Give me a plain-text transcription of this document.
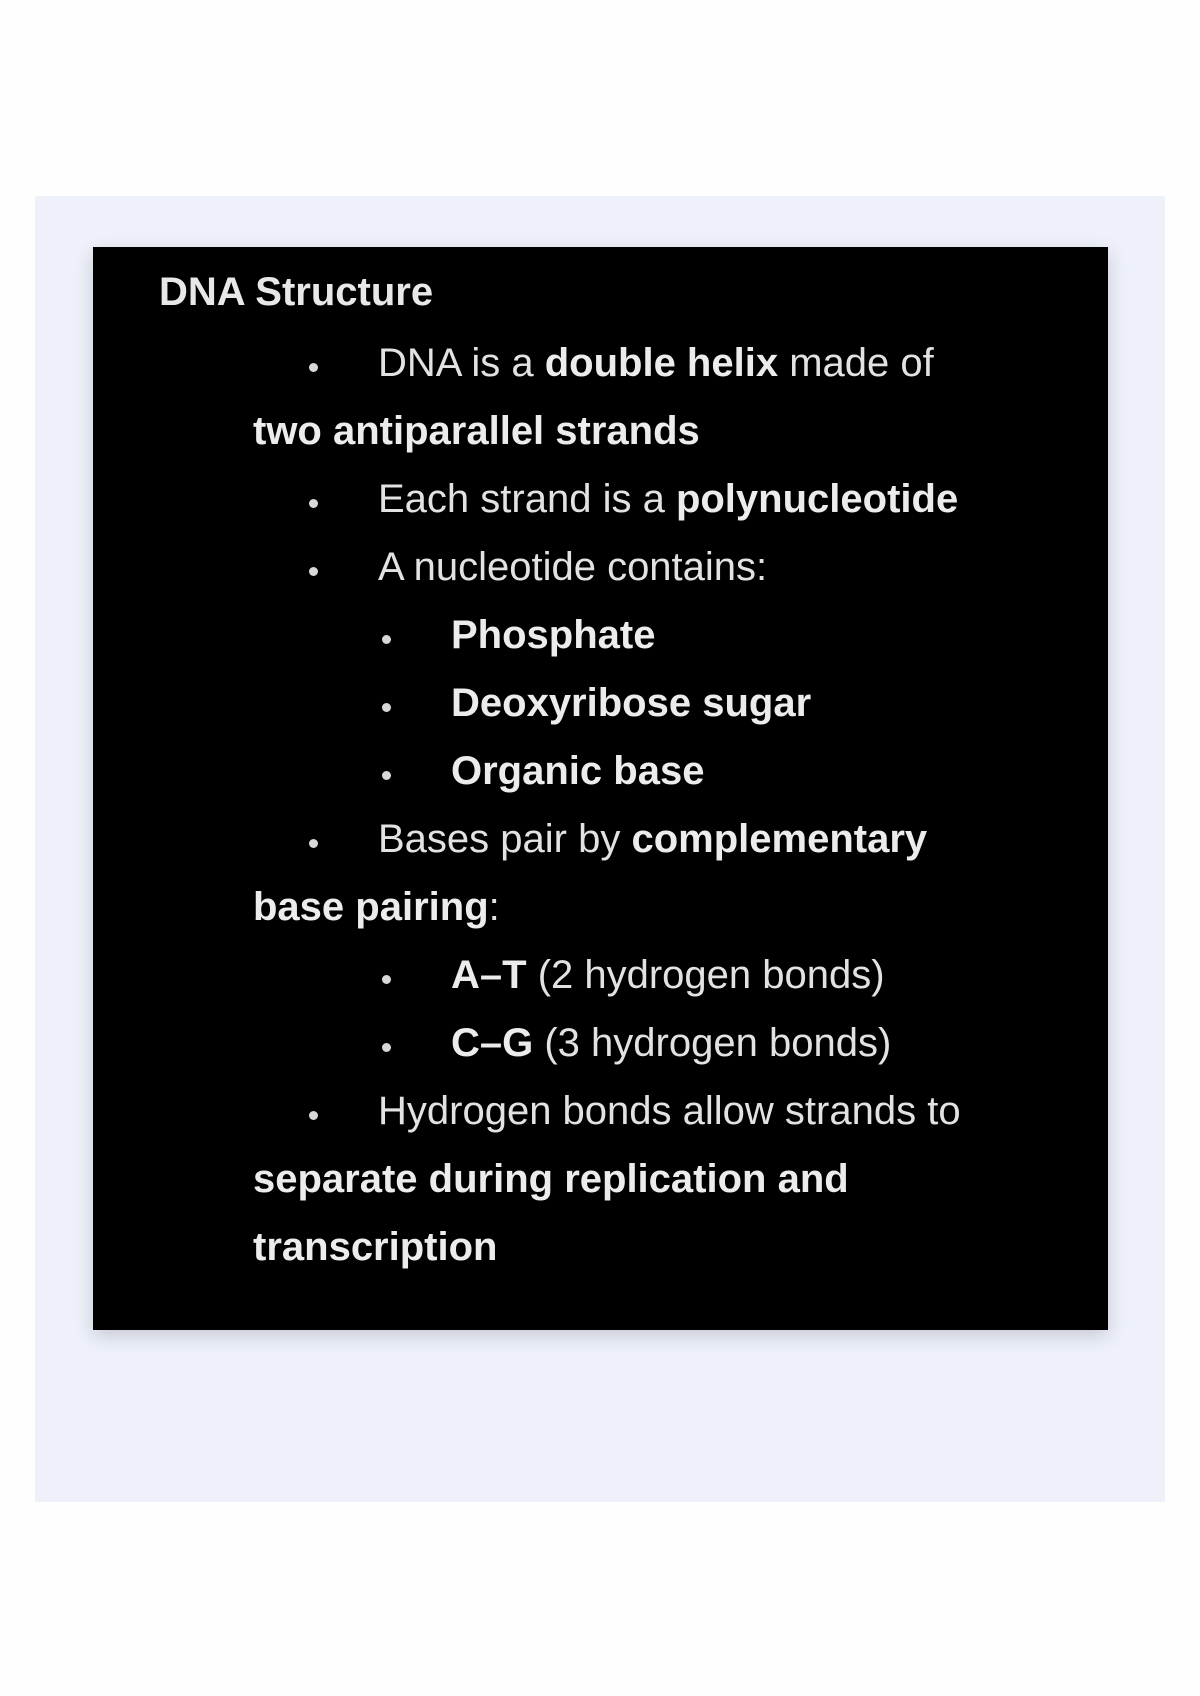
DNA Structure

DNA is a double helix made of

two antiparallel strands

Each strand is a polynucleotide

A nucleotide contains:

Phosphate

Deoxyribose sugar

Organic base

Bases pair by complementary

base pairing:

A–T (2 hydrogen bonds)

C–G (3 hydrogen bonds)

Hydrogen bonds allow strands to

separate during replication and

transcription
